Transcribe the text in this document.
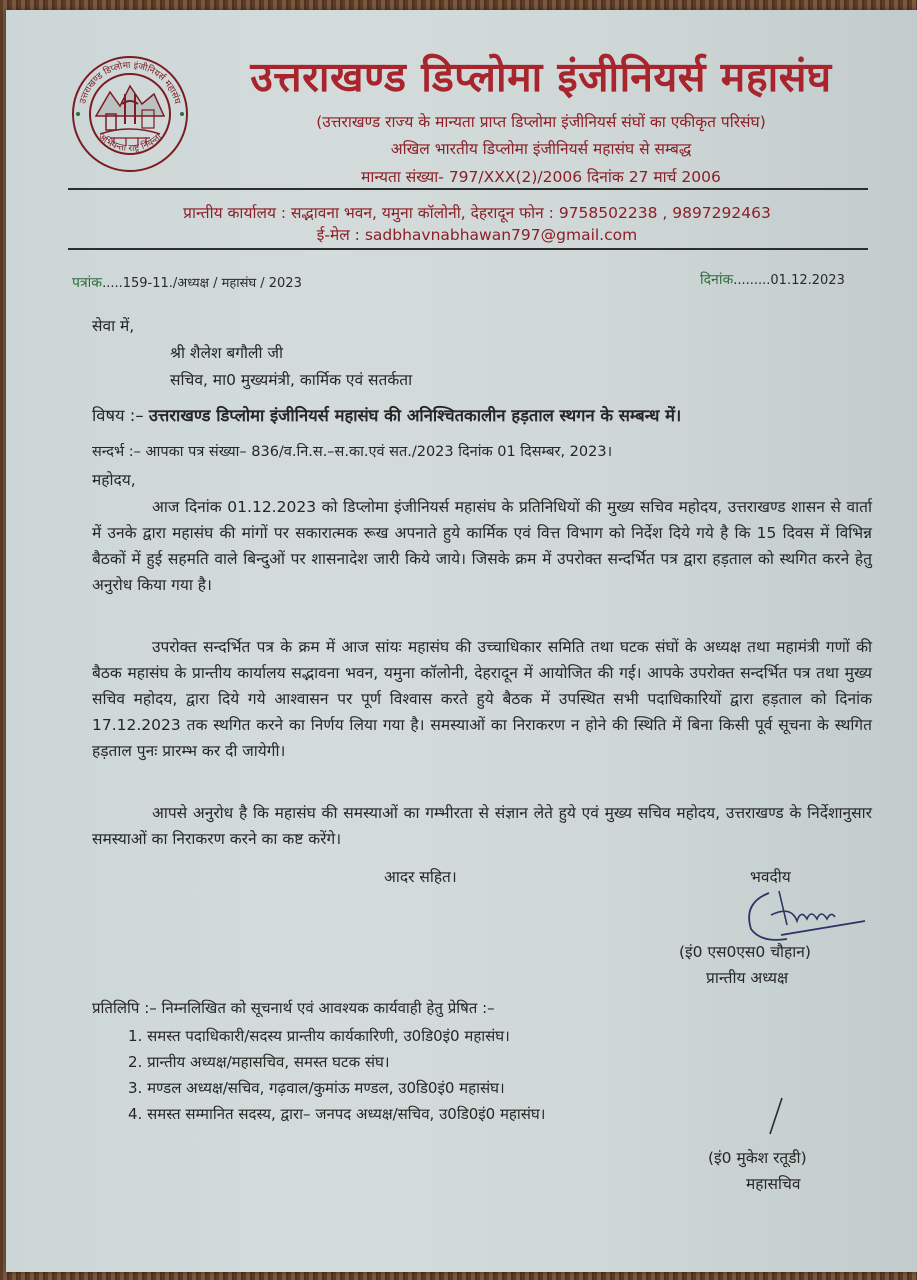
उत्तराखण्ड डिप्लोमा इंजीनियर्स महासंघ
अभियन्ता राष्ट्र नियन्ता
उत्तराखण्ड डिप्लोमा इंजीनियर्स महासंघ
(उत्तराखण्ड राज्य के मान्यता प्राप्त डिप्लोमा इंजीनियर्स संघों का एकीकृत परिसंघ)
अखिल भारतीय डिप्लोमा इंजीनियर्स महासंघ से सम्बद्ध
मान्यता संख्या- 797/XXX(2)/2006 दिनांक 27 मार्च 2006
प्रान्तीय कार्यालय : सद्भावना भवन, यमुना कॉलोनी, देहरादून फोन : 9758502238 , 9897292463
ई-मेल : sadbhavnabhawan797@gmail.com
पत्रांक.....159-11./अध्यक्ष / महासंघ / 2023	दिनांक.........01.12.2023
सेवा में,
श्री शैलेश बगौली जी
सचिव, मा0 मुख्यमंत्री, कार्मिक एवं सतर्कता
विषय :– उत्तराखण्ड डिप्लोमा इंजीनियर्स महासंघ की अनिश्चितकालीन हड़ताल स्थगन के सम्बन्ध में।
सन्दर्भ :– आपका पत्र संख्या– 836/व.नि.स.–स.का.एवं सत./2023 दिनांक 01 दिसम्बर, 2023।
महोदय,
आज दिनांक 01.12.2023 को डिप्लोमा इंजीनियर्स महासंघ के प्रतिनिधियों की मुख्य सचिव महोदय, उत्तराखण्ड शासन से वार्ता में उनके द्वारा महासंघ की मांगों पर सकारात्मक रूख अपनाते हुये कार्मिक एवं वित्त विभाग को निर्देश दिये गये है कि 15 दिवस में विभिन्न बैठकों में हुई सहमति वाले बिन्दुओं पर शासनादेश जारी किये जाये। जिसके क्रम में उपरोक्त सन्दर्भित पत्र द्वारा हड़ताल को स्थगित करने हेतु अनुरोध किया गया है।
उपरोक्त सन्दर्भित पत्र के क्रम में आज सांयः महासंघ की उच्चाधिकार समिति तथा घटक संघों के अध्यक्ष तथा महामंत्री गणों की बैठक महासंघ के प्रान्तीय कार्यालय सद्भावना भवन, यमुना कॉलोनी, देहरादून में आयोजित की गई। आपके उपरोक्त सन्दर्भित पत्र तथा मुख्य सचिव महोदय, द्वारा दिये गये आश्वासन पर पूर्ण विश्वास करते हुये बैठक में उपस्थित सभी पदाधिकारियों द्वारा हड़ताल को दिनांक 17.12.2023 तक स्थगित करने का निर्णय लिया गया है। समस्याओं का निराकरण न होने की स्थिति में बिना किसी पूर्व सूचना के स्थगित हड़ताल पुनः प्रारम्भ कर दी जायेगी।
आपसे अनुरोध है कि महासंघ की समस्याओं का गम्भीरता से संज्ञान लेते हुये एवं मुख्य सचिव महोदय, उत्तराखण्ड के निर्देशानुसार समस्याओं का निराकरण करने का कष्ट करेंगे।
आदर सहित।	भवदीय
(इं0 एस0एस0 चौहान)
प्रान्तीय अध्यक्ष
प्रतिलिपि :– निम्नलिखित को सूचनार्थ एवं आवश्यक कार्यवाही हेतु प्रेषित :–
1. समस्त पदाधिकारी/सदस्य प्रान्तीय कार्यकारिणी, उ0डि0इं0 महासंघ।
2. प्रान्तीय अध्यक्ष/महासचिव, समस्त घटक संघ।
3. मण्डल अध्यक्ष/सचिव, गढ़वाल/कुमांऊ मण्डल, उ0डि0इं0 महासंघ।
4. समस्त सम्मानित सदस्य, द्वारा– जनपद अध्यक्ष/सचिव, उ0डि0इं0 महासंघ।
(इं0 मुकेश रतूडी)
महासचिव
